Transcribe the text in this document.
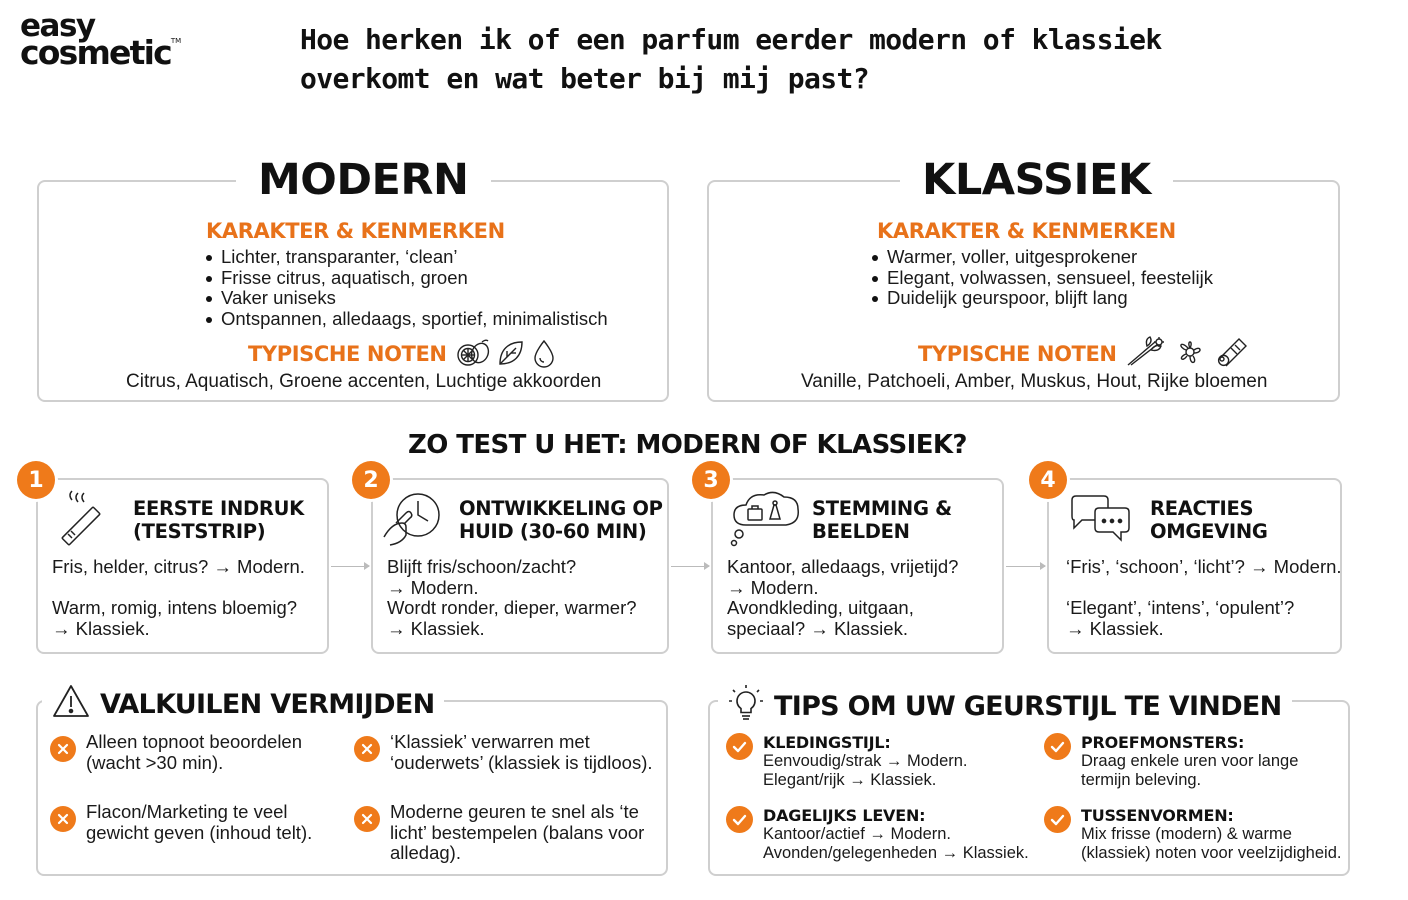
easy
cosmetic™	Hoe herken ik of een parfum eerder modern of klassiek
overkomt en wat beter bij mij past?
MODERN
KARAKTER & KENMERKEN
Lichter, transparanter, ‘clean’
Frisse citrus, aquatisch, groen
Vaker uniseks
Ontspannen, alledaags, sportief, minimalistisch
TYPISCHE NOTEN
Citrus, Aquatisch, Groene accenten, Luchtige akkoorden
KLASSIEK
KARAKTER & KENMERKEN
Warmer, voller, uitgesprokener
Elegant, volwassen, sensueel, feestelijk
Duidelijk geurspoor, blijft lang
TYPISCHE NOTEN
Vanille, Patchoeli, Amber, Muskus, Hout, Rijke bloemen
ZO TEST U HET: MODERN OF KLASSIEK?
1	2	3	4
EERSTE INDRUK
(TESTSTRIP)
ONTWIKKELING OP
HUID (30-60 MIN)
STEMMING &
BEELDEN
REACTIES
OMGEVING

Fris, helder, citrus? → Modern.

Warm, romig, intens bloemig?

→ Klassiek.

Blijft fris/schoon/zacht?

→ Modern.

Wordt ronder, dieper, warmer?

→ Klassiek.

Kantoor, alledaags, vrijetijd?

→ Modern.

Avondkleding, uitgaan,

speciaal? → Klassiek.

‘Fris’, ‘schoon’, ‘licht’? → Modern.

‘Elegant’, ‘intens’, ‘opulent’?

→ Klassiek.

VALKUILEN VERMIJDEN

Alleen topnoot beoordelen

(wacht >30 min).

‘Klassiek’ verwarren met

‘ouderwets’ (klassiek is tijdloos).

Flacon/Marketing te veel

gewicht geven (inhoud telt).

Moderne geuren te snel als ‘te

licht’ bestempelen (balans voor

alledag).

TIPS OM UW GEURSTIJL TE VINDEN
KLEDINGSTIJL:

Eenvoudig/strak → Modern.

Elegant/rijk → Klassiek.

PROEFMONSTERS:

Draag enkele uren voor lange

termijn beleving.

DAGELIJKS LEVEN:

Kantoor/actief → Modern.

Avonden/gelegenheden → Klassiek.

TUSSENVORMEN:

Mix frisse (modern) & warme

(klassiek) noten voor veelzijdigheid.
